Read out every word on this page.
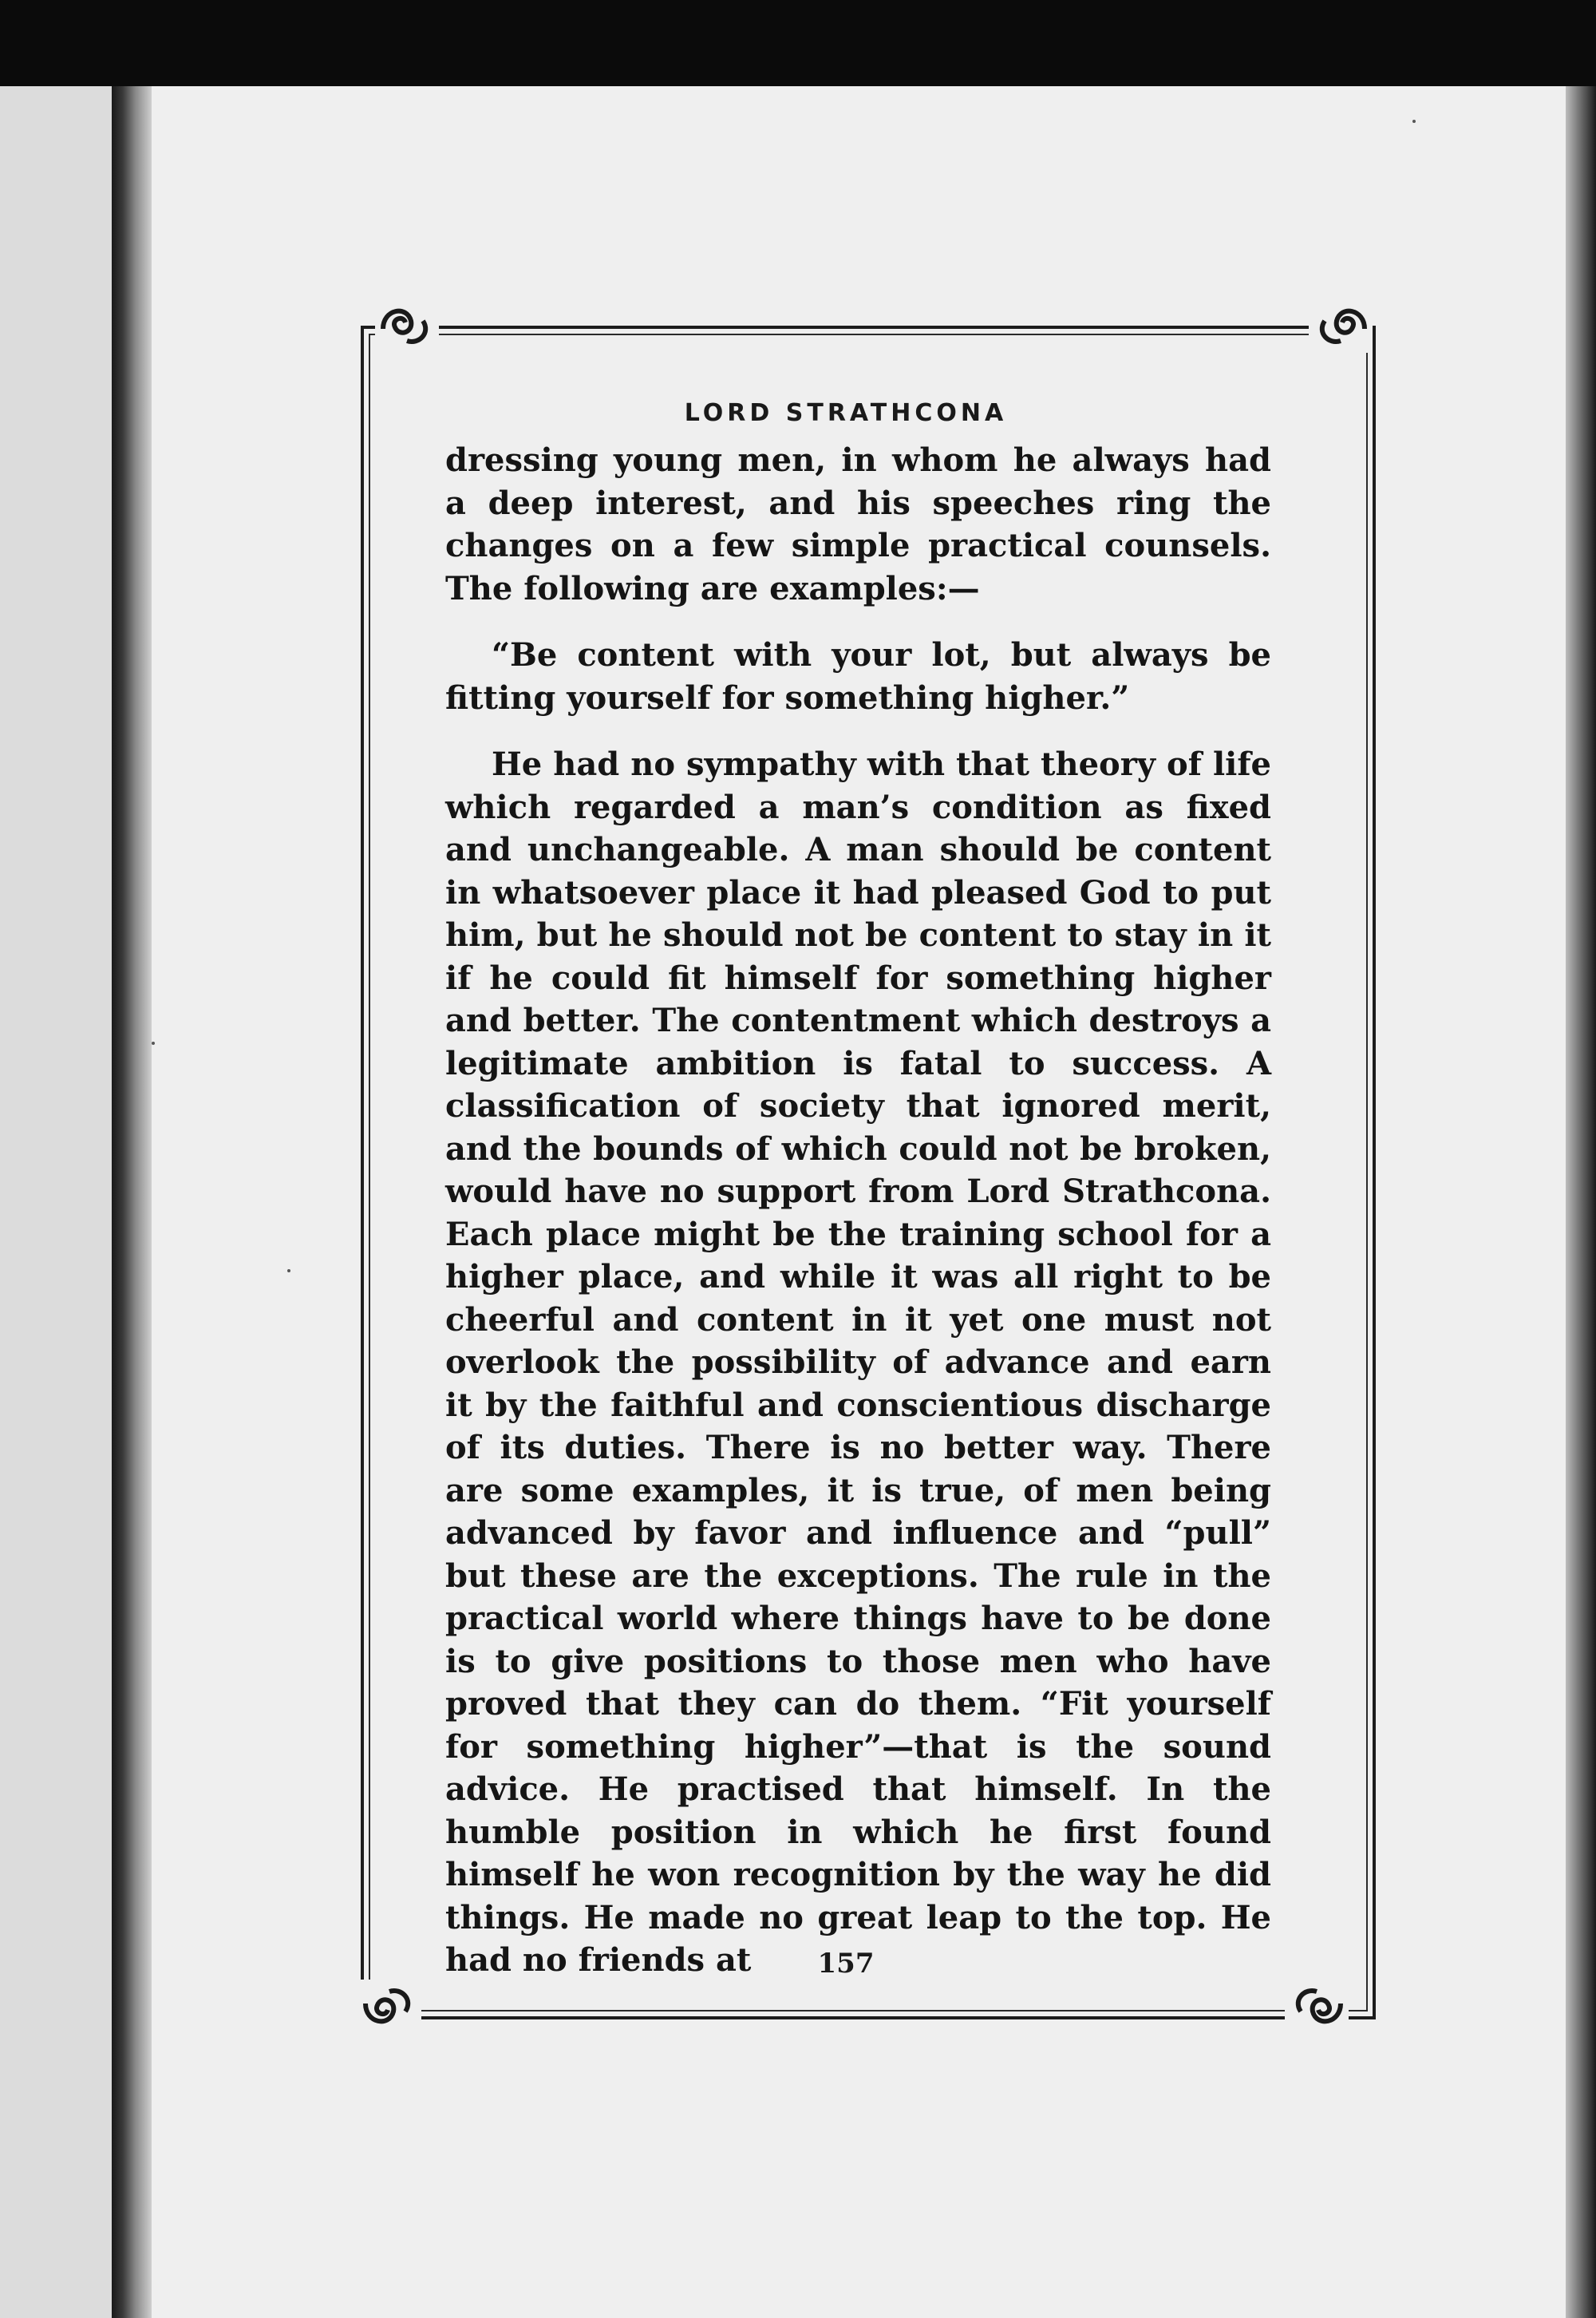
LORD STRATHCONA

dressing young men, in whom he always had a deep interest, and his speeches ring the changes on a few simple practical counsels. The following are examples:—

“Be content with your lot, but always be fitting yourself for something higher.”

He had no sympathy with that theory of life which regarded a man’s condition as fixed and unchangeable. A man should be content in whatsoever place it had pleased God to put him, but he should not be content to stay in it if he could fit himself for something higher and better. The contentment which destroys a legitimate ambition is fatal to success. A classification of society that ignored merit, and the bounds of which could not be broken, would have no support from Lord Strathcona. Each place might be the training school for a higher place, and while it was all right to be cheerful and content in it yet one must not overlook the possibility of advance and earn it by the faithful and conscientious discharge of its duties. There is no better way. There are some examples, it is true, of men being advanced by favor and influence and “pull” but these are the exceptions. The rule in the practical world where things have to be done is to give positions to those men who have proved that they can do them. “Fit yourself for something higher”—that is the sound advice. He practised that himself. In the humble position in which he first found himself he won recognition by the way he did things. He made no great leap to the top. He had no friends at	157
